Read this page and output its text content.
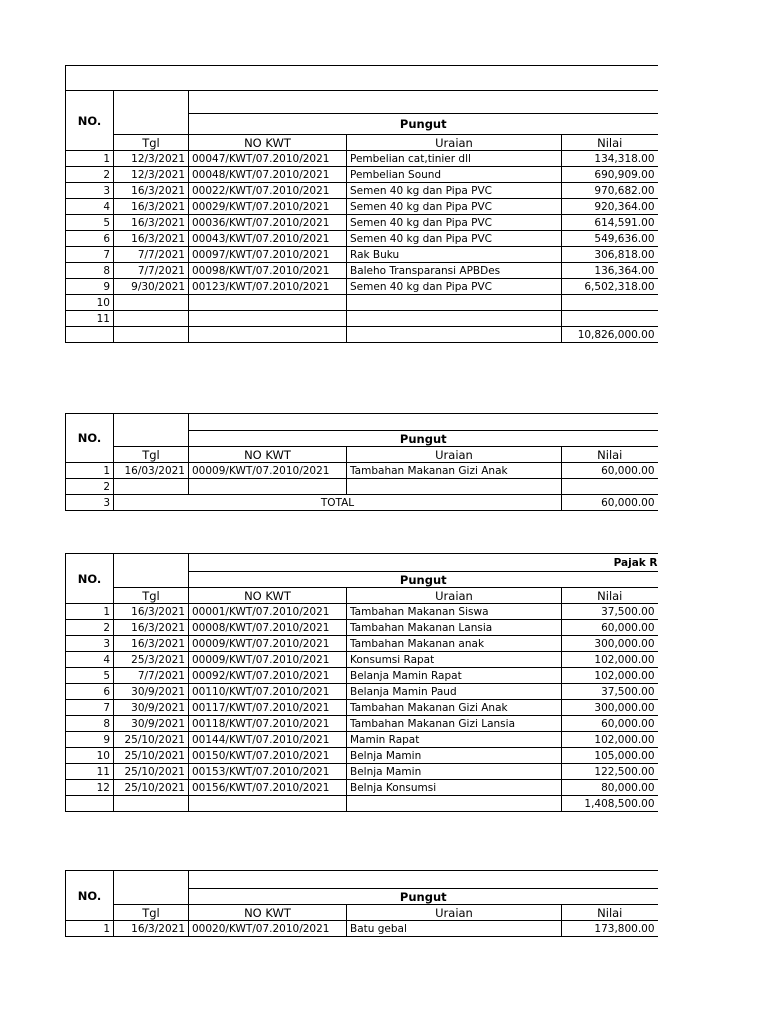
NO.				
		Pungut		
	Tgl	NO KWT	Uraian	Nilai
1	12/3/2021	00047/KWT/07.2010/2021	Pembelian cat,tinier dll	134,318.00
2	12/3/2021	00048/KWT/07.2010/2021	Pembelian Sound	690,909.00
3	16/3/2021	00022/KWT/07.2010/2021	Semen 40 kg dan Pipa PVC	970,682.00
4	16/3/2021	00029/KWT/07.2010/2021	Semen 40 kg dan Pipa PVC	920,364.00
5	16/3/2021	00036/KWT/07.2010/2021	Semen 40 kg dan Pipa PVC	614,591.00
6	16/3/2021	00043/KWT/07.2010/2021	Semen 40 kg dan Pipa PVC	549,636.00
7	7/7/2021	00097/KWT/07.2010/2021	Rak Buku	306,818.00
8	7/7/2021	00098/KWT/07.2010/2021	Baleho Transparansi APBDes	136,364.00
9	9/30/2021	00123/KWT/07.2010/2021	Semen 40 kg dan Pipa PVC	6,502,318.00
10				
11				
				10,826,000.00
NO.				
		Pungut		
	Tgl	NO KWT	Uraian	Nilai
1	16/03/2021	00009/KWT/07.2010/2021	Tambahan Makanan Gizi Anak	60,000.00
2				
3	TOTAL			60,000.00
NO.		Pajak R		
		Pungut		
	Tgl	NO KWT	Uraian	Nilai
1	16/3/2021	00001/KWT/07.2010/2021	Tambahan Makanan Siswa	37,500.00
2	16/3/2021	00008/KWT/07.2010/2021	Tambahan Makanan Lansia	60,000.00
3	16/3/2021	00009/KWT/07.2010/2021	Tambahan Makanan anak	300,000.00
4	25/3/2021	00009/KWT/07.2010/2021	Konsumsi Rapat	102,000.00
5	7/7/2021	00092/KWT/07.2010/2021	Belanja Mamin Rapat	102,000.00
6	30/9/2021	00110/KWT/07.2010/2021	Belanja Mamin Paud	37,500.00
7	30/9/2021	00117/KWT/07.2010/2021	Tambahan Makanan Gizi Anak	300,000.00
8	30/9/2021	00118/KWT/07.2010/2021	Tambahan Makanan Gizi Lansia	60,000.00
9	25/10/2021	00144/KWT/07.2010/2021	Mamin Rapat	102,000.00
10	25/10/2021	00150/KWT/07.2010/2021	Belnja Mamin	105,000.00
11	25/10/2021	00153/KWT/07.2010/2021	Belnja Mamin	122,500.00
12	25/10/2021	00156/KWT/07.2010/2021	Belnja Konsumsi	80,000.00
				1,408,500.00
NO.				
		Pungut		
	Tgl	NO KWT	Uraian	Nilai
1	16/3/2021	00020/KWT/07.2010/2021	Batu gebal	173,800.00
